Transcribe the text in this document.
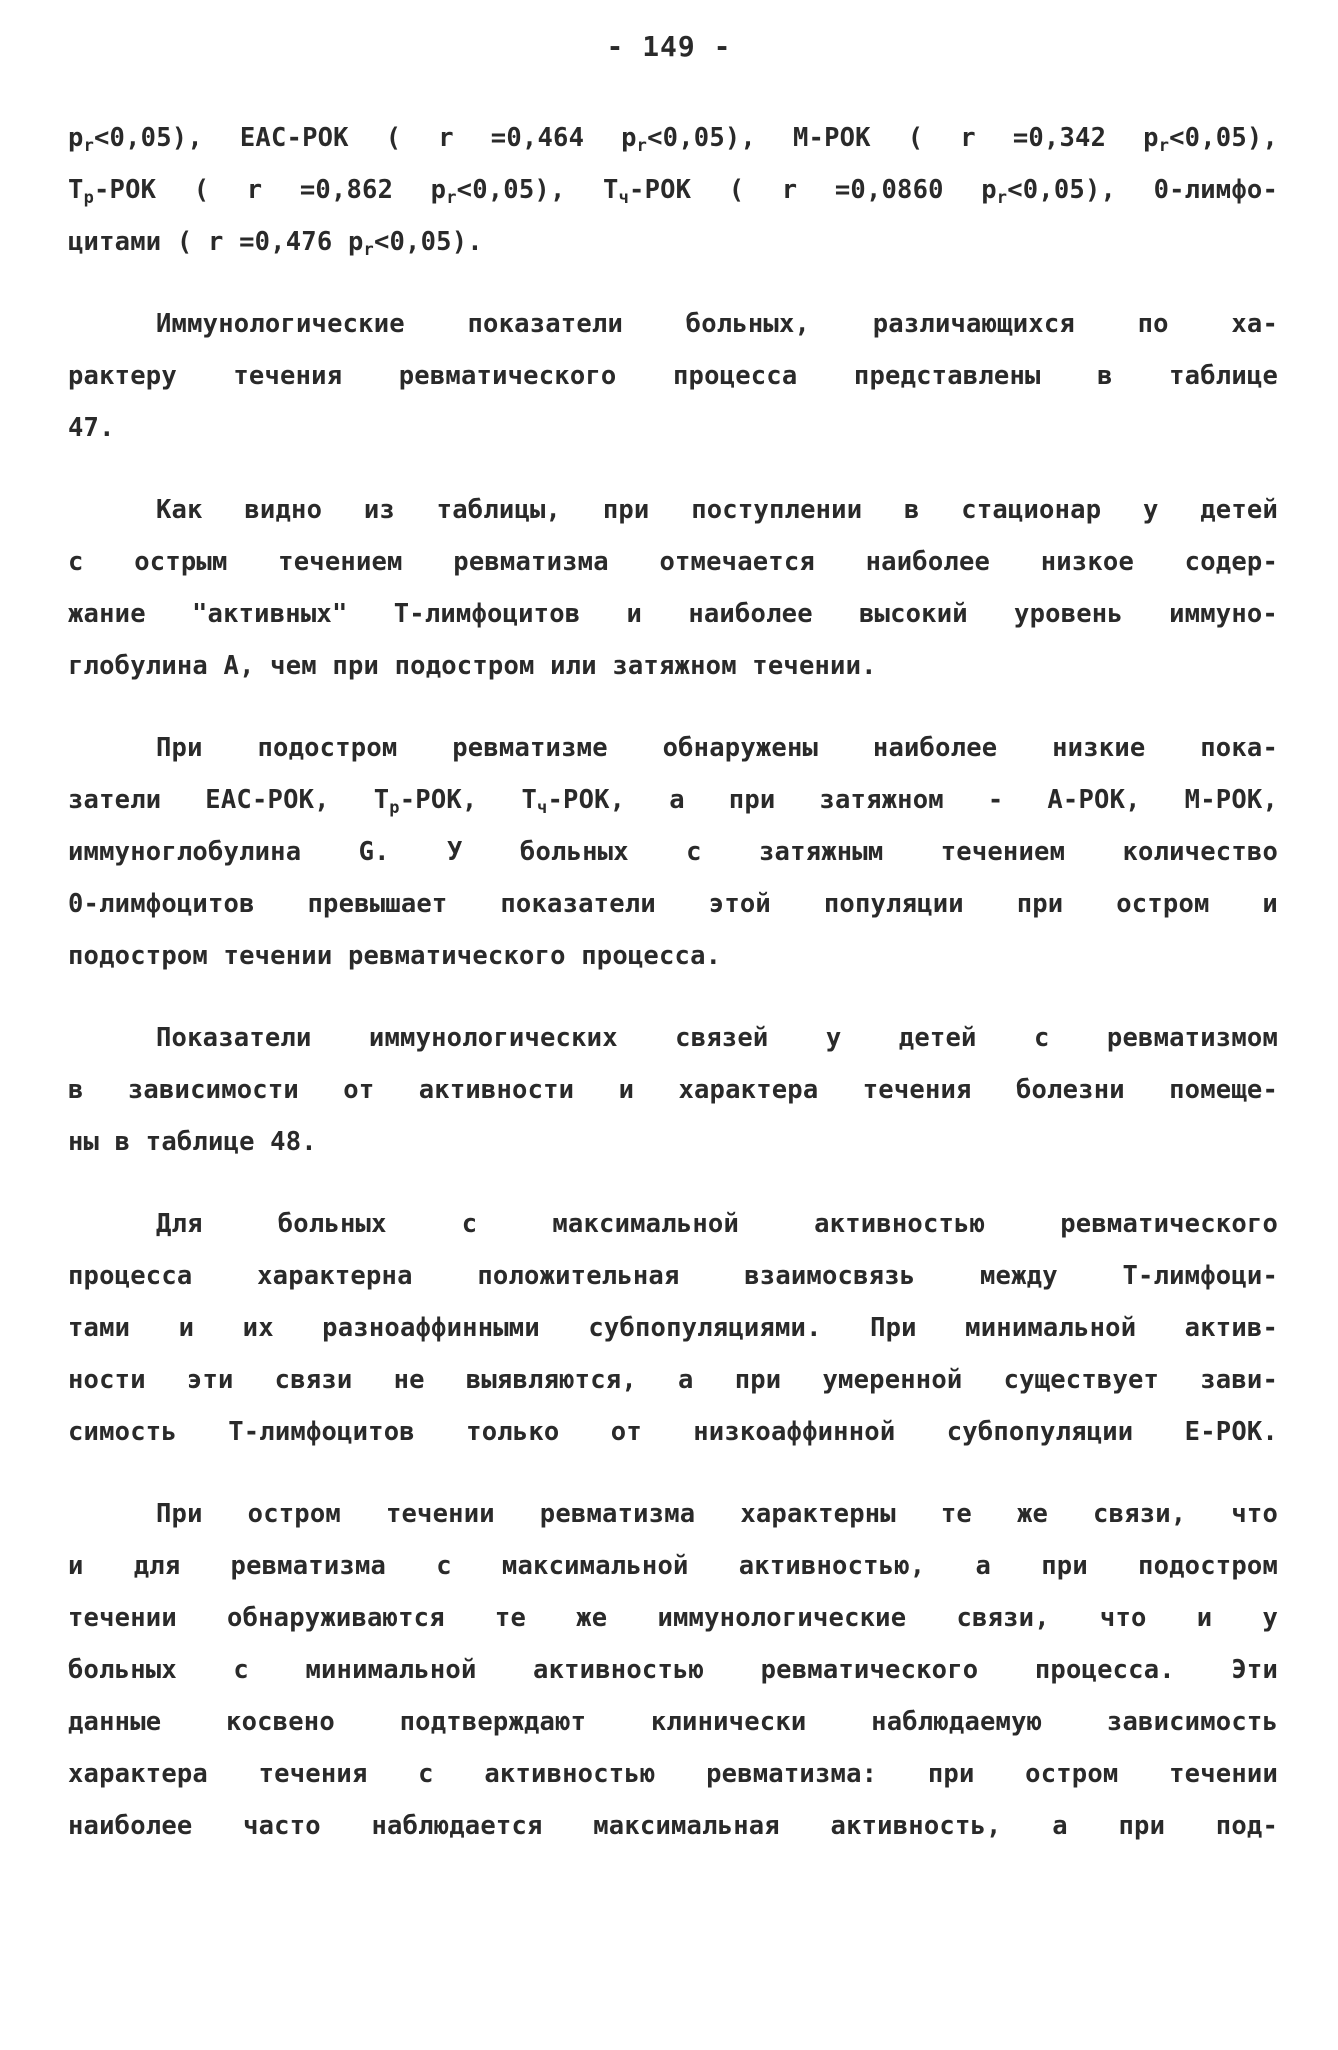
- 149 -
$p_r<0,05$), ЕАС-РОК ( r =0,464 $p_r<0,05$), М-РОК ( r =0,342 $p_r<0,05$),
$Т_р$-РОК ( r =0,862 $p_r<0,05$), $Т_ч$-РОК ( r =0,0860 $p_r<0,05$), 0-лимфо-
цитами ( r =0,476 $p_r<0,05$).
Иммунологические показатели больных, различающихся по ха-
рактеру течения ревматического процесса представлены в таблице
47.
Как видно из таблицы, при поступлении в стационар у детей
с острым течением ревматизма отмечается наиболее низкое содер-
жание "активных" Т-лимфоцитов и наиболее высокий уровень иммуно-
глобулина А, чем при подостром или затяжном течении.
При подостром ревматизме обнаружены наиболее низкие пока-
затели ЕАС-РОК, $Т_р$-РОК, $Т_ч$-РОК, а при затяжном - А-РОК, М-РОК,
иммуноглобулина G. У больных с затяжным течением количество
0-лимфоцитов превышает показатели этой популяции при остром и
подостром течении ревматического процесса.
Показатели иммунологических связей у детей с ревматизмом
в зависимости от активности и характера течения болезни помеще-
ны в таблице 48.
Для больных с максимальной активностью ревматического
процесса характерна положительная взаимосвязь между Т-лимфоци-
тами и их разноаффинными субпопуляциями. При минимальной актив-
ности эти связи не выявляются, а при умеренной существует зави-
симость Т-лимфоцитов только от низкоаффинной субпопуляции Е-РОК.
При остром течении ревматизма характерны те же связи, что
и для ревматизма с максимальной активностью, а при подостром
течении обнаруживаются те же иммунологические связи, что и у
больных с минимальной активностью ревматического процесса. Эти
данные косвено подтверждают клинически наблюдаемую зависимость
характера течения с активностью ревматизма: при остром течении
наиболее часто наблюдается максимальная активность, а при под-
